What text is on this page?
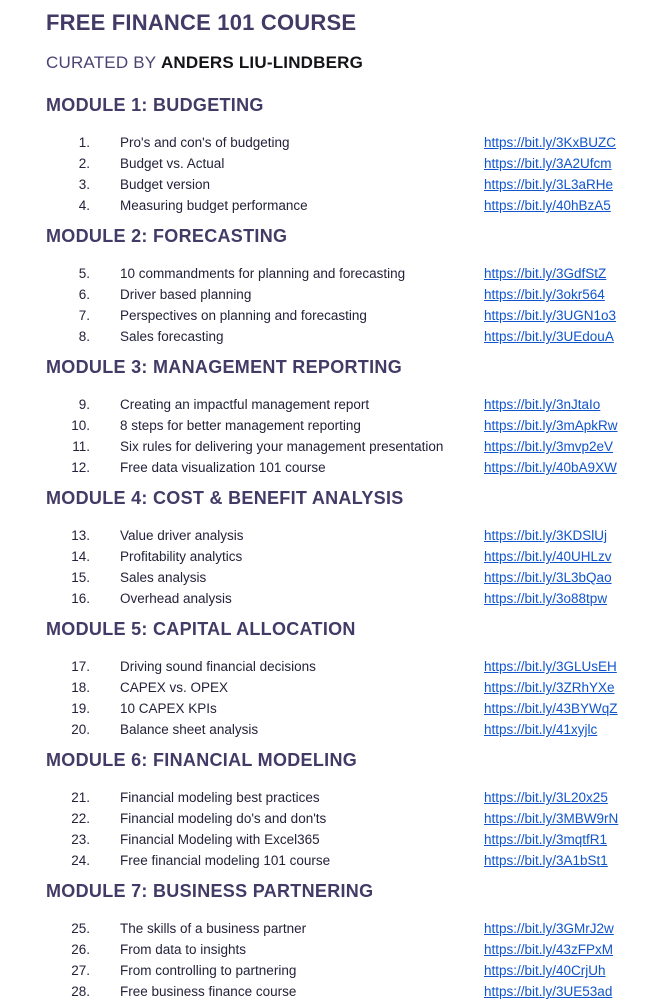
FREE FINANCE 101 COURSE
CURATED BY ANDERS LIU-LINDBERG
MODULE 1: BUDGETING
1.	Pro's and con's of budgeting	https://bit.ly/3KxBUZC
2.	Budget vs. Actual	https://bit.ly/3A2Ufcm
3.	Budget version	https://bit.ly/3L3aRHe
4.	Measuring budget performance	https://bit.ly/40hBzA5
MODULE 2: FORECASTING
5.	10 commandments for planning and forecasting	https://bit.ly/3GdfStZ
6.	Driver based planning	https://bit.ly/3okr564
7.	Perspectives on planning and forecasting	https://bit.ly/3UGN1o3
8.	Sales forecasting	https://bit.ly/3UEdouA
MODULE 3: MANAGEMENT REPORTING
9.	Creating an impactful management report	https://bit.ly/3nJtaIo
10.	8 steps for better management reporting	https://bit.ly/3mApkRw
11.	Six rules for delivering your management presentation	https://bit.ly/3mvp2eV
12.	Free data visualization 101 course	https://bit.ly/40bA9XW
MODULE 4: COST & BENEFIT ANALYSIS
13.	Value driver analysis	https://bit.ly/3KDSlUj
14.	Profitability analytics	https://bit.ly/40UHLzv
15.	Sales analysis	https://bit.ly/3L3bQao
16.	Overhead analysis	https://bit.ly/3o88tpw
MODULE 5: CAPITAL ALLOCATION
17.	Driving sound financial decisions	https://bit.ly/3GLUsEH
18.	CAPEX vs. OPEX	https://bit.ly/3ZRhYXe
19.	10 CAPEX KPIs	https://bit.ly/43BYWqZ
20.	Balance sheet analysis	https://bit.ly/41xyjlc
MODULE 6: FINANCIAL MODELING
21.	Financial modeling best practices	https://bit.ly/3L20x25
22.	Financial modeling do's and don'ts	https://bit.ly/3MBW9rN
23.	Financial Modeling with Excel365	https://bit.ly/3mqtfR1
24.	Free financial modeling 101 course	https://bit.ly/3A1bSt1
MODULE 7: BUSINESS PARTNERING
25.	The skills of a business partner	https://bit.ly/3GMrJ2w
26.	From data to insights	https://bit.ly/43zFPxM
27.	From controlling to partnering	https://bit.ly/40CrjUh
28.	Free business finance course	https://bit.ly/3UE53ad
